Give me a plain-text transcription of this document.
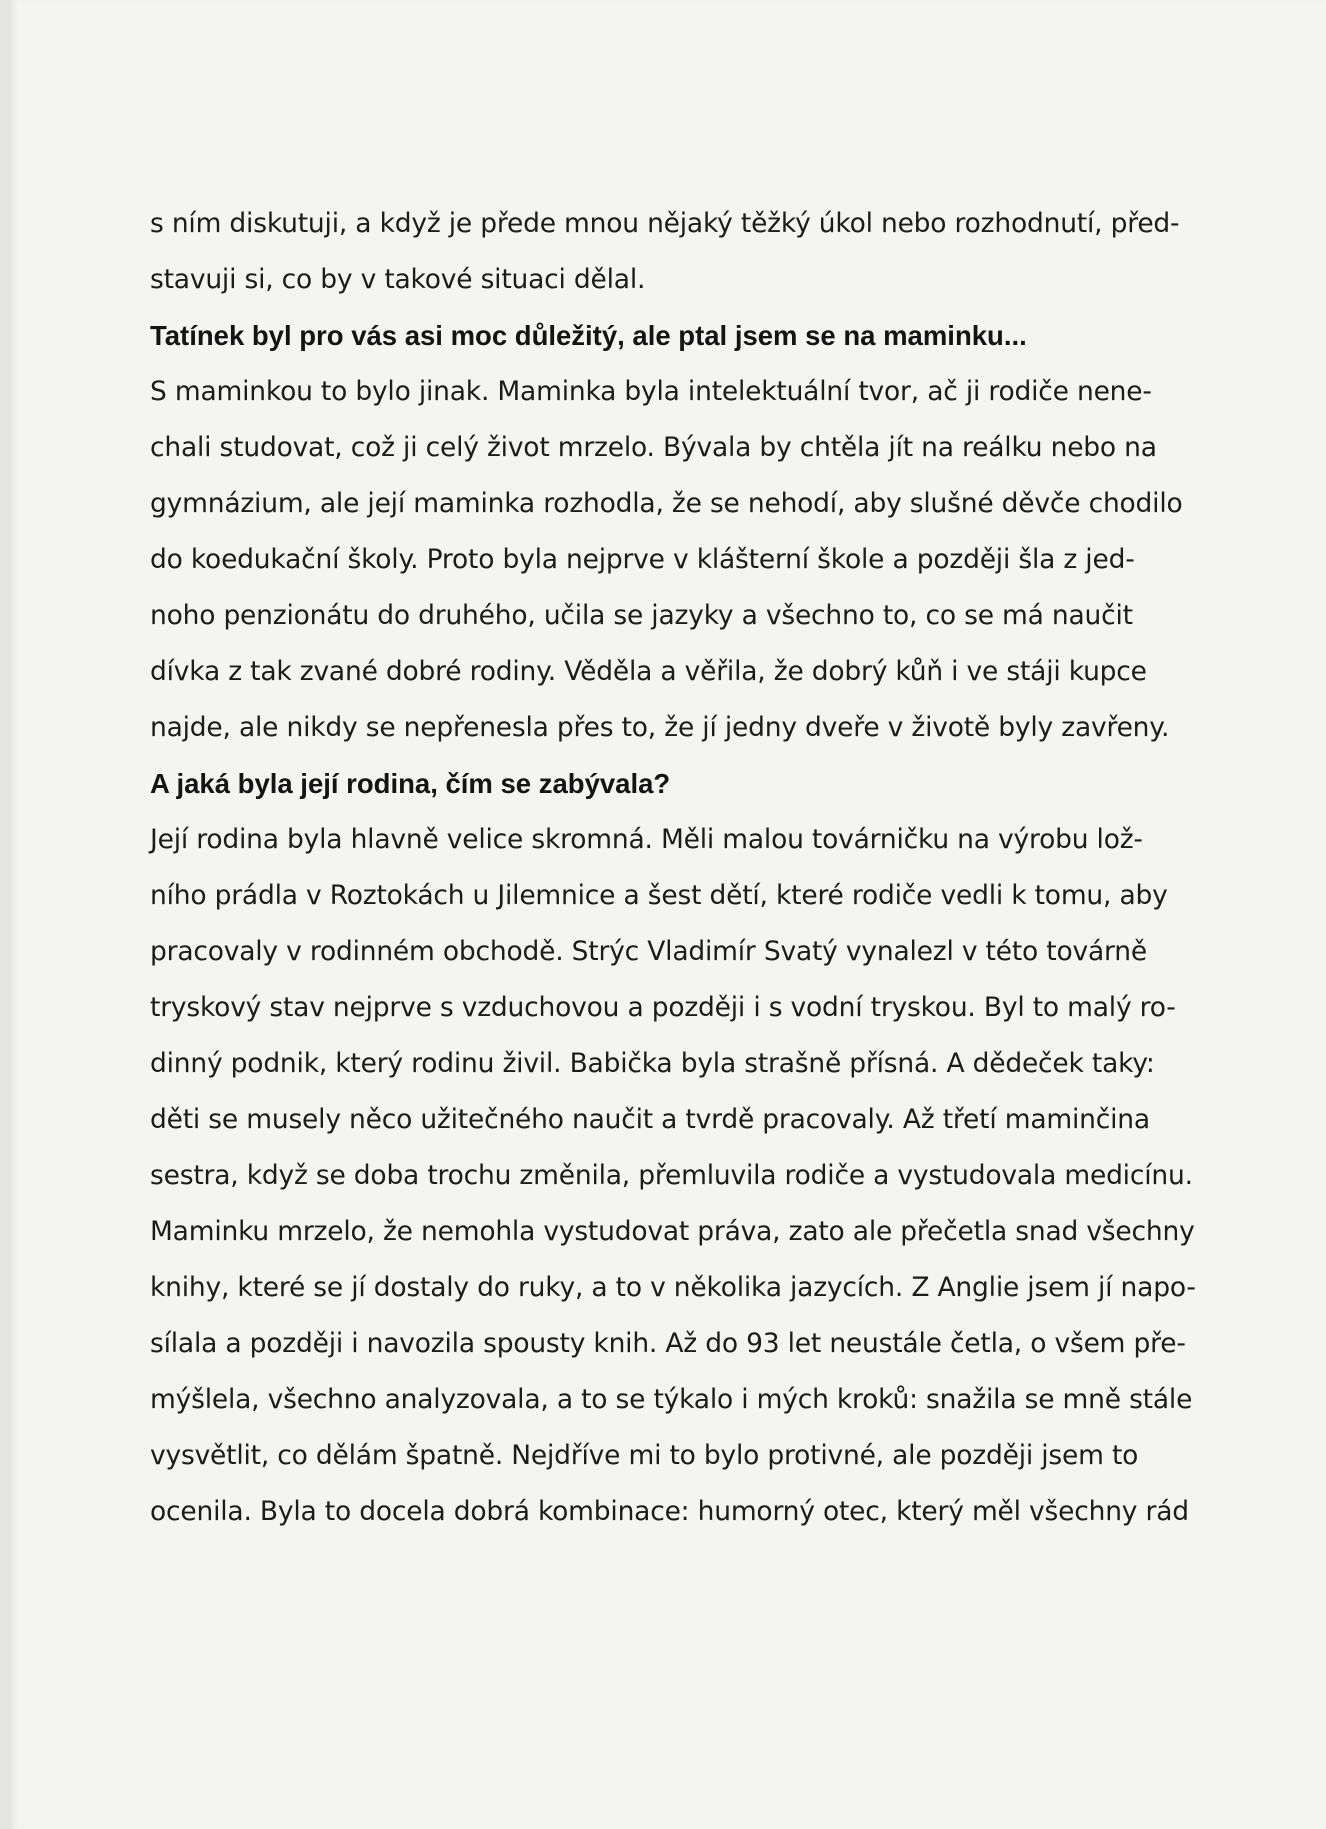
s ním diskutuji, a když je přede mnou nějaký těžký úkol nebo rozhodnutí, před-
stavuji si, co by v takové situaci dělal.
Tatínek byl pro vás asi moc důležitý, ale ptal jsem se na maminku...
S maminkou to bylo jinak. Maminka byla intelektuální tvor, ač ji rodiče nene-
chali studovat, což ji celý život mrzelo. Bývala by chtěla jít na reálku nebo na
gymnázium, ale její maminka rozhodla, že se nehodí, aby slušné děvče chodilo
do koedukační školy. Proto byla nejprve v klášterní škole a později šla z jed-
noho penzionátu do druhého, učila se jazyky a všechno to, co se má naučit
dívka z tak zvané dobré rodiny. Věděla a věřila, že dobrý kůň i ve stáji kupce
najde, ale nikdy se nepřenesla přes to, že jí jedny dveře v životě byly zavřeny.
A jaká byla její rodina, čím se zabývala?
Její rodina byla hlavně velice skromná. Měli malou továrničku na výrobu lož-
ního prádla v Roztokách u Jilemnice a šest dětí, které rodiče vedli k tomu, aby
pracovaly v rodinném obchodě. Strýc Vladimír Svatý vynalezl v této továrně
tryskový stav nejprve s vzduchovou a později i s vodní tryskou. Byl to malý ro-
dinný podnik, který rodinu živil. Babička byla strašně přísná. A dědeček taky:
děti se musely něco užitečného naučit a tvrdě pracovaly. Až třetí maminčina
sestra, když se doba trochu změnila, přemluvila rodiče a vystudovala medicínu.
Maminku mrzelo, že nemohla vystudovat práva, zato ale přečetla snad všechny
knihy, které se jí dostaly do ruky, a to v několika jazycích. Z Anglie jsem jí napo-
sílala a později i navozila spousty knih. Až do 93 let neustále četla, o všem pře-
mýšlela, všechno analyzovala, a to se týkalo i mých kroků: snažila se mně stále
vysvětlit, co dělám špatně. Nejdříve mi to bylo protivné, ale později jsem to
ocenila. Byla to docela dobrá kombinace: humorný otec, který měl všechny rád
